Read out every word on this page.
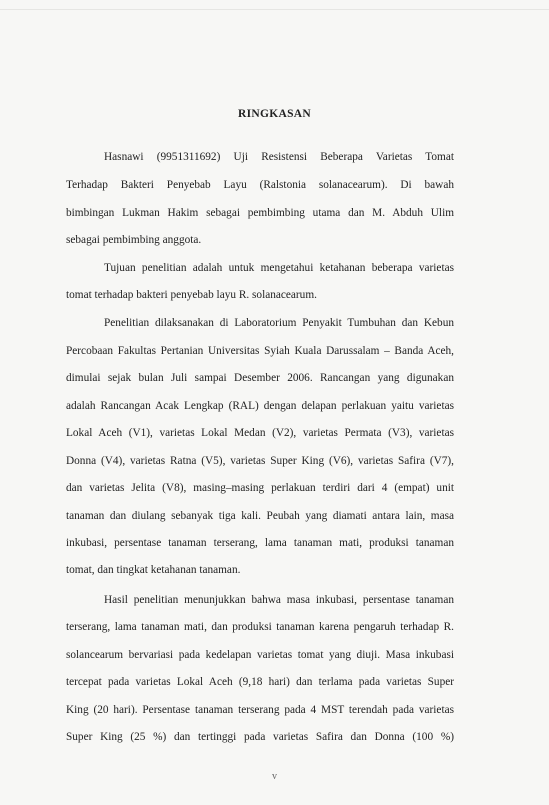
RINGKASAN
Hasnawi (9951311692) Uji Resistensi Beberapa Varietas Tomat
Terhadap Bakteri Penyebab Layu (Ralstonia solanacearum). Di bawah
bimbingan Lukman Hakim sebagai pembimbing utama dan M. Abduh Ulim
sebagai pembimbing anggota.
Tujuan penelitian adalah untuk mengetahui ketahanan beberapa varietas
tomat terhadap bakteri penyebab layu R. solanacearum.
Penelitian dilaksanakan di Laboratorium Penyakit Tumbuhan dan Kebun
Percobaan Fakultas Pertanian Universitas Syiah Kuala Darussalam – Banda Aceh,
dimulai sejak bulan Juli sampai Desember 2006. Rancangan yang digunakan
adalah Rancangan Acak Lengkap (RAL) dengan delapan perlakuan yaitu varietas
Lokal Aceh (V1), varietas Lokal Medan (V2), varietas Permata (V3), varietas
Donna (V4), varietas Ratna (V5), varietas Super King (V6), varietas Safira (V7),
dan varietas Jelita (V8), masing–masing perlakuan terdiri dari 4 (empat) unit
tanaman dan diulang sebanyak tiga kali. Peubah yang diamati antara lain, masa
inkubasi, persentase tanaman terserang, lama tanaman mati, produksi tanaman
tomat, dan tingkat ketahanan tanaman.
Hasil penelitian menunjukkan bahwa masa inkubasi, persentase tanaman
terserang, lama tanaman mati, dan produksi tanaman karena pengaruh terhadap R.
solancearum bervariasi pada kedelapan varietas tomat yang diuji. Masa inkubasi
tercepat pada varietas Lokal Aceh (9,18 hari) dan terlama pada varietas Super
King (20 hari). Persentase tanaman terserang pada 4 MST terendah pada varietas
Super King (25 %) dan tertinggi pada varietas Safira dan Donna (100 %)
v
